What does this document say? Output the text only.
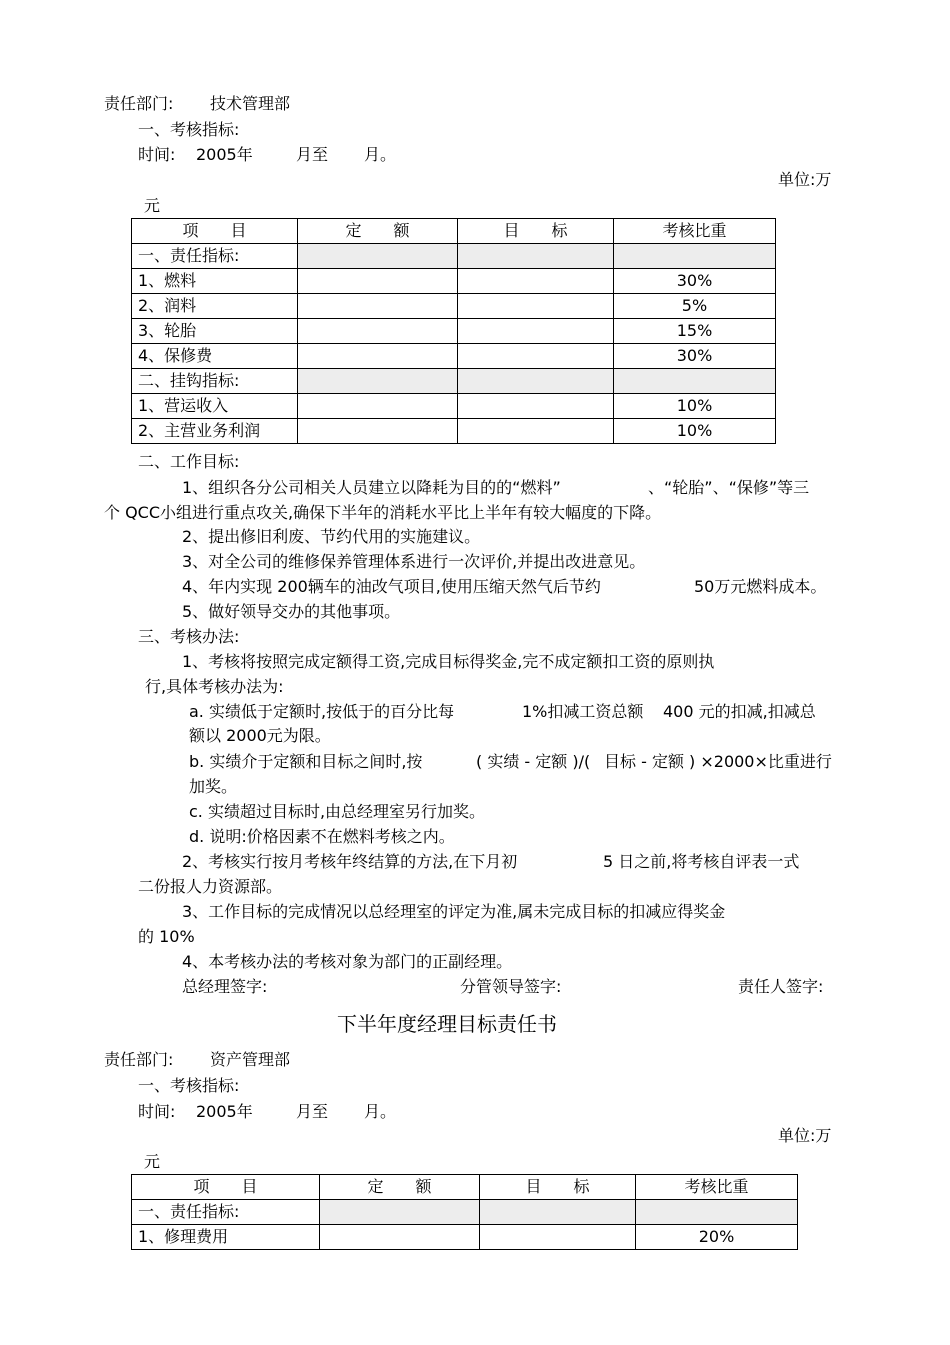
责任部门: 技术管理部
一、考核指标:
时间: 2005年	月至 月。
单位:万
元
项　　目	定　　额	目　　标	考核比重
一、责任指标:			
1、燃料			30%
2、润料			5%
3、轮胎			15%
4、保修费			30%
二、挂钩指标:			
1、营运收入			10%
2、主营业务利润			10%
二、工作目标:
1、组织各分公司相关人员建立以降耗为目的的“燃料”	、“轮胎”、“保修”等三
个 QCC小组进行重点攻关,确保下半年的消耗水平比上半年有较大幅度的下降。
2、提出修旧利废、节约代用的实施建议。
3、对全公司的维修保养管理体系进行一次评价,并提出改进意见。
4、年内实现 200辆车的油改气项目,使用压缩天然气后节约	50万元燃料成本。
5、做好领导交办的其他事项。
三、考核办法:
1、考核将按照完成定额得工资,完成目标得奖金,完不成定额扣工资的原则执
行,具体考核办法为:
a. 实绩低于定额时,按低于的百分比每	1%扣减工资总额 400 元的扣减,扣减总
额以 2000元为限。
b. 实绩介于定额和目标之间时,按	( 实绩 - 定额 )/( 目标 - 定额 ) ×2000×比重进行
加奖。
c. 实绩超过目标时,由总经理室另行加奖。
d. 说明:价格因素不在燃料考核之内。
2、考核实行按月考核年终结算的方法,在下月初	5 日之前,将考核自评表一式
二份报人力资源部。
3、工作目标的完成情况以总经理室的评定为准,属未完成目标的扣减应得奖金
的 10%
4、本考核办法的考核对象为部门的正副经理。
总经理签字:	分管领导签字:	责任人签字:
下半年度经理目标责任书
责任部门: 资产管理部
一、考核指标:
时间: 2005年	月至 月。
单位:万
元
项　　目	定　　额	目　　标	考核比重
一、责任指标:			
1、修理费用			20%
